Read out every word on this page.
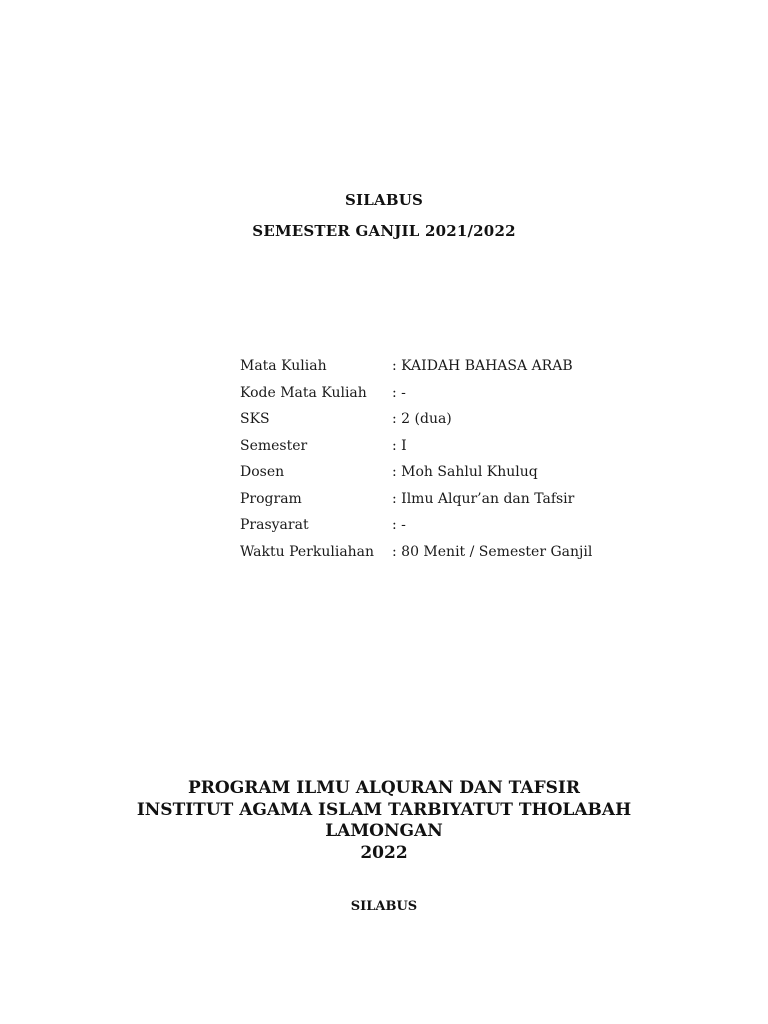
SILABUS
SEMESTER GANJIL 2021/2022
Mata Kuliah	: KAIDAH BAHASA ARAB
Kode Mata Kuliah : -
SKS	: 2 (dua)
Semester	: I
Dosen	: Moh Sahlul Khuluq
Program	: Ilmu Alqur’an dan Tafsir
Prasyarat	: -
Waktu Perkuliahan : 80 Menit / Semester Ganjil
PROGRAM ILMU ALQURAN DAN TAFSIR
INSTITUT AGAMA ISLAM TARBIYATUT THOLABAH
LAMONGAN
2022
SILABUS
